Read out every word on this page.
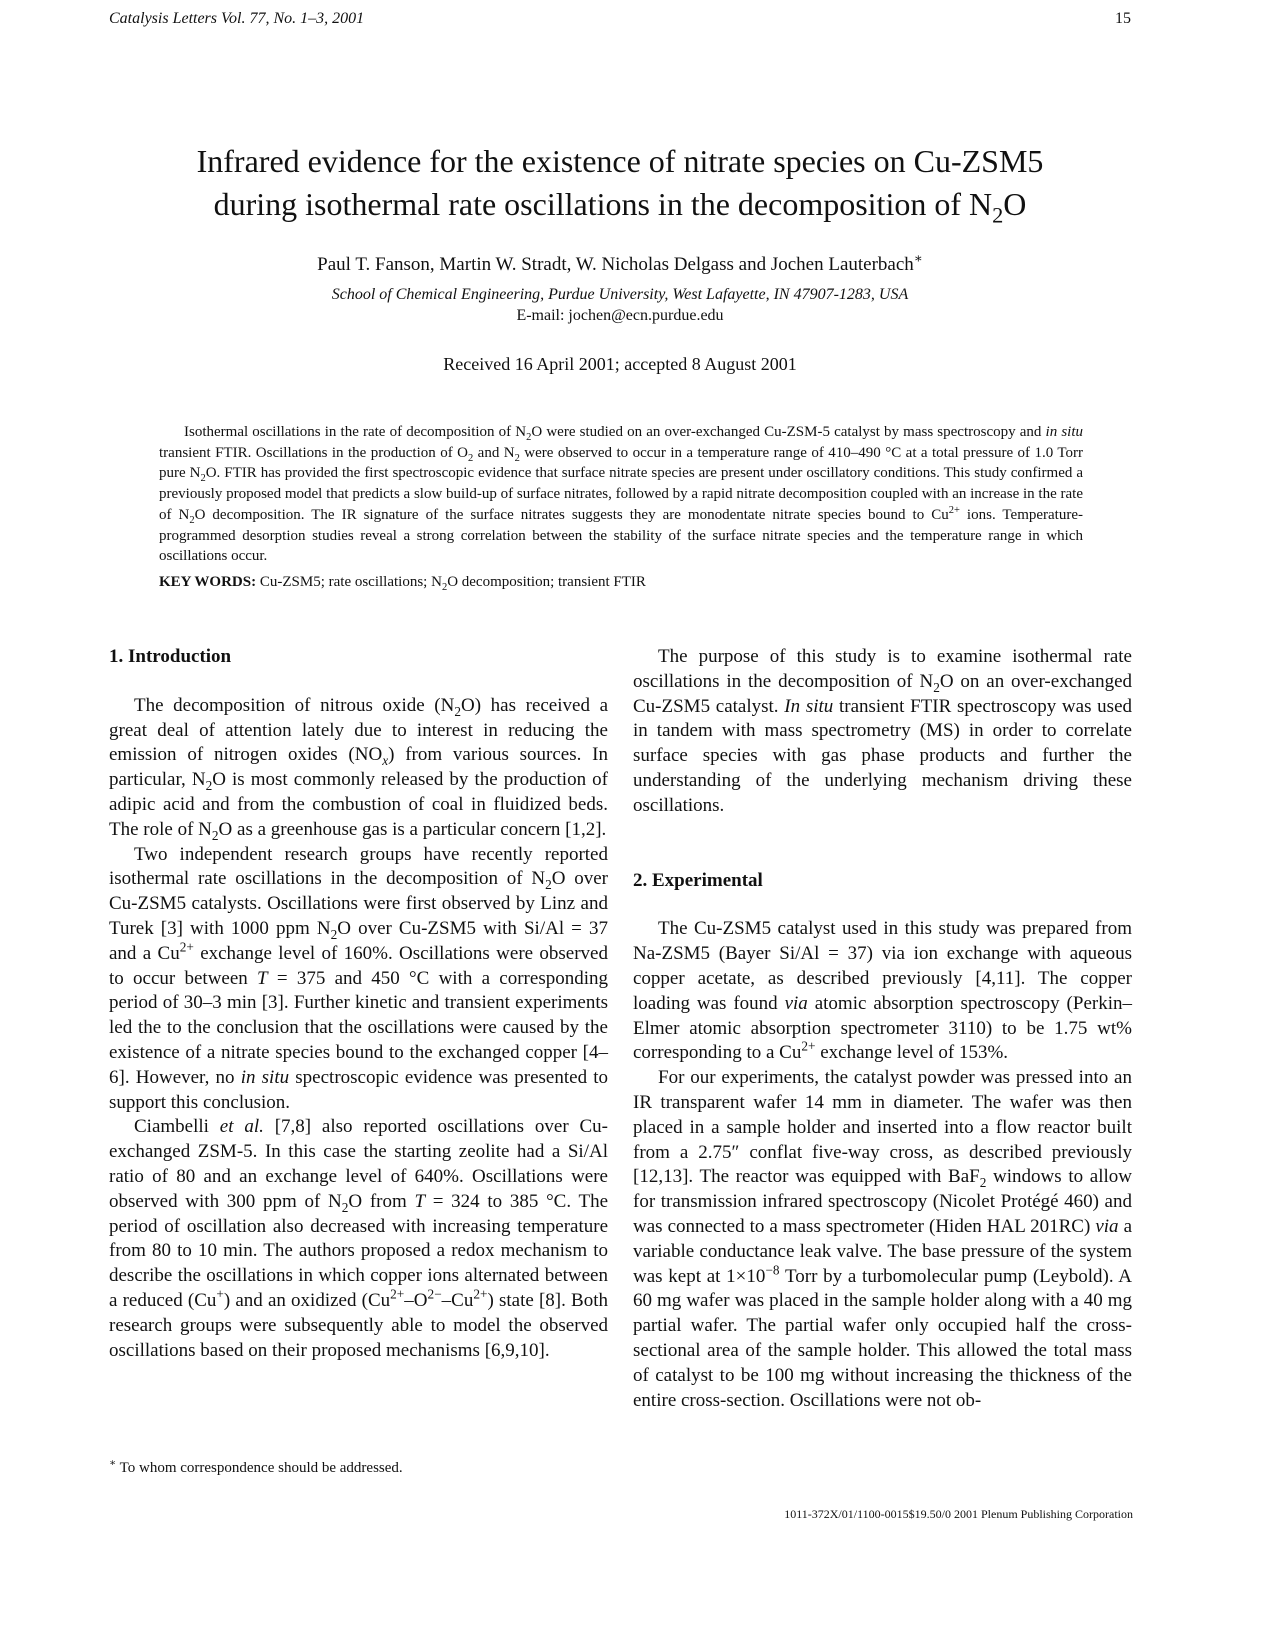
Catalysis Letters Vol. 77, No. 1–3, 2001	15
Infrared evidence for the existence of nitrate species on Cu-ZSM5
during isothermal rate oscillations in the decomposition of $N_2O$
Paul T. Fanson, Martin W. Stradt, W. Nicholas Delgass and Jochen Lauterbach∗
School of Chemical Engineering, Purdue University, West Lafayette, IN 47907-1283, USA
E-mail: jochen@ecn.purdue.edu
Received 16 April 2001; accepted 8 August 2001

Isothermal oscillations in the rate of decomposition of $N_2O$ were studied on an over-exchanged Cu-ZSM-5 catalyst by mass spectroscopy and in situ transient FTIR. Oscillations in the production of $O_2$ and $N_2$ were observed to occur in a temperature range of 410–490 °C at a total pressure of 1.0 Torr pure $N_2O$. FTIR has provided the first spectroscopic evidence that surface nitrate species are present under oscillatory conditions. This study confirmed a previously proposed model that predicts a slow build-up of surface nitrates, followed by a rapid nitrate decomposition coupled with an increase in the rate of $N_2O$ decomposition. The IR signature of the surface nitrates suggests they are monodentate nitrate species bound to $Cu^{2+}$ ions. Temperature-programmed desorption studies reveal a strong correlation between the stability of the surface nitrate species and the temperature range in which oscillations occur.

KEY WORDS: Cu-ZSM5; rate oscillations; $N_2O$ decomposition; transient FTIR

1. Introduction

The decomposition of nitrous oxide $(N_2O)$ has received a great deal of attention lately due to interest in reducing the emission of nitrogen oxides $(NO_x)$ from various sources. In particular, $N_2O$ is most commonly released by the production of adipic acid and from the combustion of coal in fluidized beds. The role of $N_2O$ as a greenhouse gas is a particular concern [1,2].

Two independent research groups have recently reported isothermal rate oscillations in the decomposition of $N_2O$ over Cu-ZSM5 catalysts. Oscillations were first observed by Linz and Turek [3] with 1000 ppm $N_2O$ over Cu-ZSM5 with Si/Al = 37 and a $Cu^{2+}$ exchange level of 160%. Oscillations were observed to occur between T = 375 and 450 °C with a corresponding period of 30–3 min [3]. Further kinetic and transient experiments led the to the conclusion that the oscillations were caused by the existence of a nitrate species bound to the exchanged copper [4–6]. However, no in situ spectroscopic evidence was presented to support this conclusion.

Ciambelli et al. [7,8] also reported oscillations over Cu-exchanged ZSM-5. In this case the starting zeolite had a Si/Al ratio of 80 and an exchange level of 640%. Oscillations were observed with 300 ppm of $N_2O$ from T = 324 to 385 °C. The period of oscillation also decreased with increasing temperature from 80 to 10 min. The authors proposed a redox mechanism to describe the oscillations in which copper ions alternated between a reduced (Cu+) and an oxidized $(Cu^{2+}-O^{2-}-Cu^{2+})$ state [8]. Both research groups were subsequently able to model the observed oscillations based on their proposed mechanisms [6,9,10].

The purpose of this study is to examine isothermal rate oscillations in the decomposition of $N_2O$ on an over-exchanged Cu-ZSM5 catalyst. In situ transient FTIR spectroscopy was used in tandem with mass spectrometry (MS) in order to correlate surface species with gas phase products and further the understanding of the underlying mechanism driving these oscillations.

2. Experimental

The Cu-ZSM5 catalyst used in this study was prepared from Na-ZSM5 (Bayer Si/Al = 37) via ion exchange with aqueous copper acetate, as described previously [4,11]. The copper loading was found via atomic absorption spectroscopy (Perkin–Elmer atomic absorption spectrometer 3110) to be 1.75 wt% corresponding to a $Cu^{2+}$ exchange level of 153%.

For our experiments, the catalyst powder was pressed into an IR transparent wafer 14 mm in diameter. The wafer was then placed in a sample holder and inserted into a flow reactor built from a 2.75″ conflat five-way cross, as described previously [12,13]. The reactor was equipped with BaF$_2$ windows to allow for transmission infrared spectroscopy (Nicolet Protégé 460) and was connected to a mass spectrometer (Hiden HAL 201RC) via a variable conductance leak valve. The base pressure of the system was kept at $1\times 10^{-8}$ Torr by a turbomolecular pump (Leybold). A 60 mg wafer was placed in the sample holder along with a 40 mg partial wafer. The partial wafer only occupied half the cross-sectional area of the sample holder. This allowed the total mass of catalyst to be 100 mg without increasing the thickness of the entire cross-section. Oscillations were not ob-

∗ To whom correspondence should be addressed.
1011-372X/01/1100-0015$19.50/0 2001 Plenum Publishing Corporation
